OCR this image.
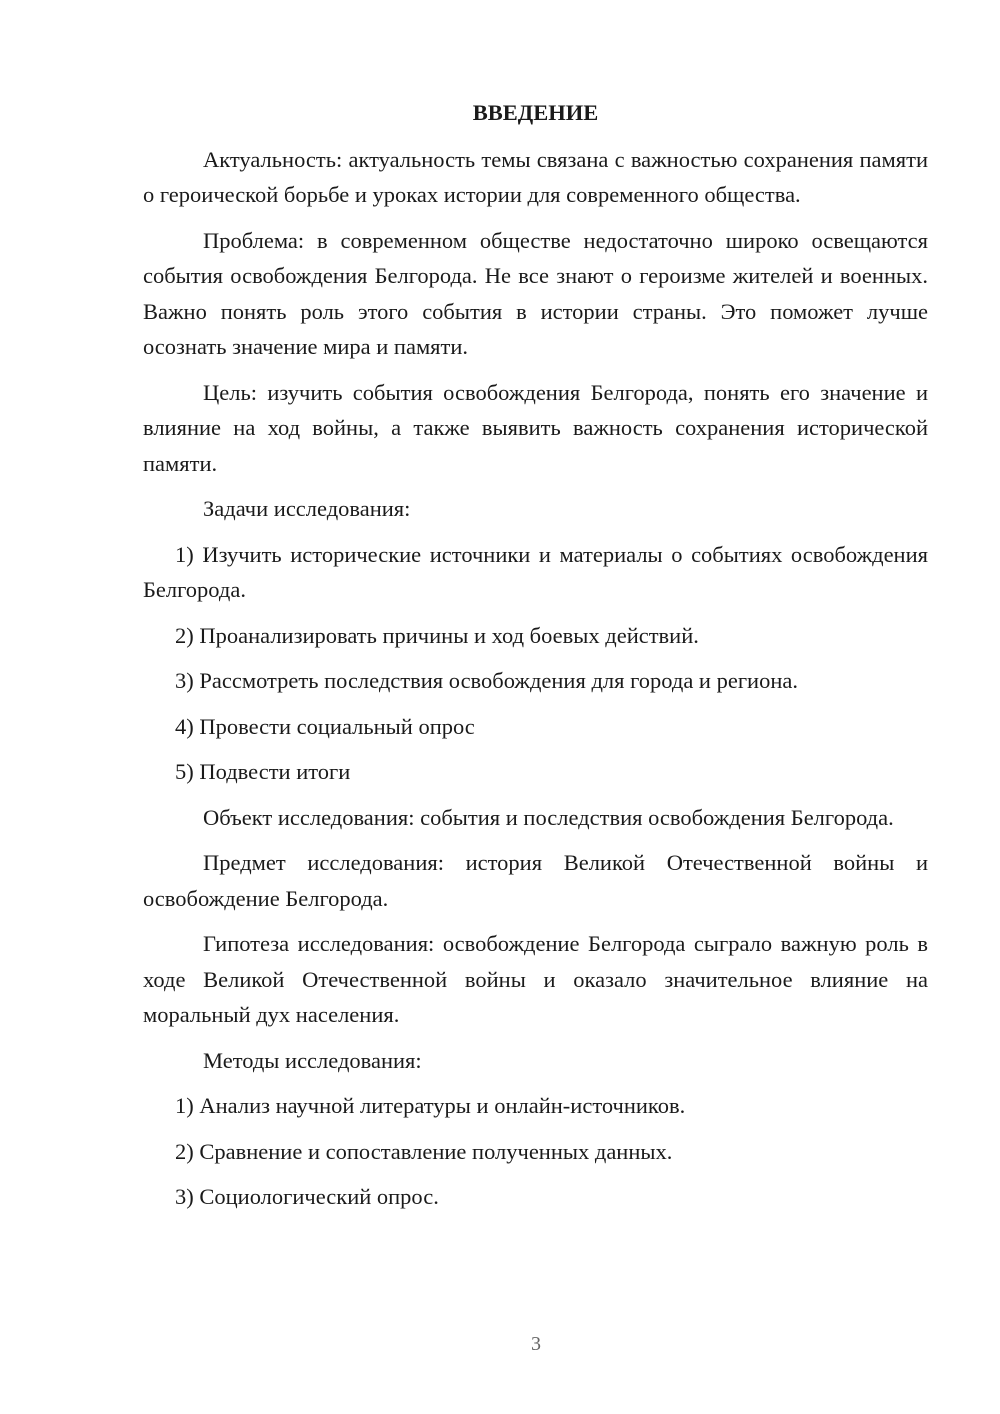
ВВЕДЕНИЕ
Актуальность: актуальность темы связана с важностью сохранения памяти о героической борьбе и уроках истории для современного общества.
Проблема: в современном обществе недостаточно широко освещаются события освобождения Белгорода. Не все знают о героизме жителей и военных. Важно понять роль этого события в истории страны. Это поможет лучше осознать значение мира и памяти.
Цель: изучить события освобождения Белгорода, понять его значение и влияние на ход войны, а также выявить важность сохранения исторической памяти.
Задачи исследования:
1) Изучить исторические источники и материалы о событиях освобождения Белгорода.
2) Проанализировать причины и ход боевых действий.
3) Рассмотреть последствия освобождения для города и региона.
4) Провести социальный опрос
5) Подвести итоги
Объект исследования: события и последствия освобождения Белгорода.
Предмет исследования: история Великой Отечественной войны и освобождение Белгорода.
Гипотеза исследования: освобождение Белгорода сыграло важную роль в ходе Великой Отечественной войны и оказало значительное влияние на моральный дух населения.
Методы исследования:
1) Анализ научной литературы и онлайн-источников.
2) Сравнение и сопоставление полученных данных.
3) Социологический опрос.
3
